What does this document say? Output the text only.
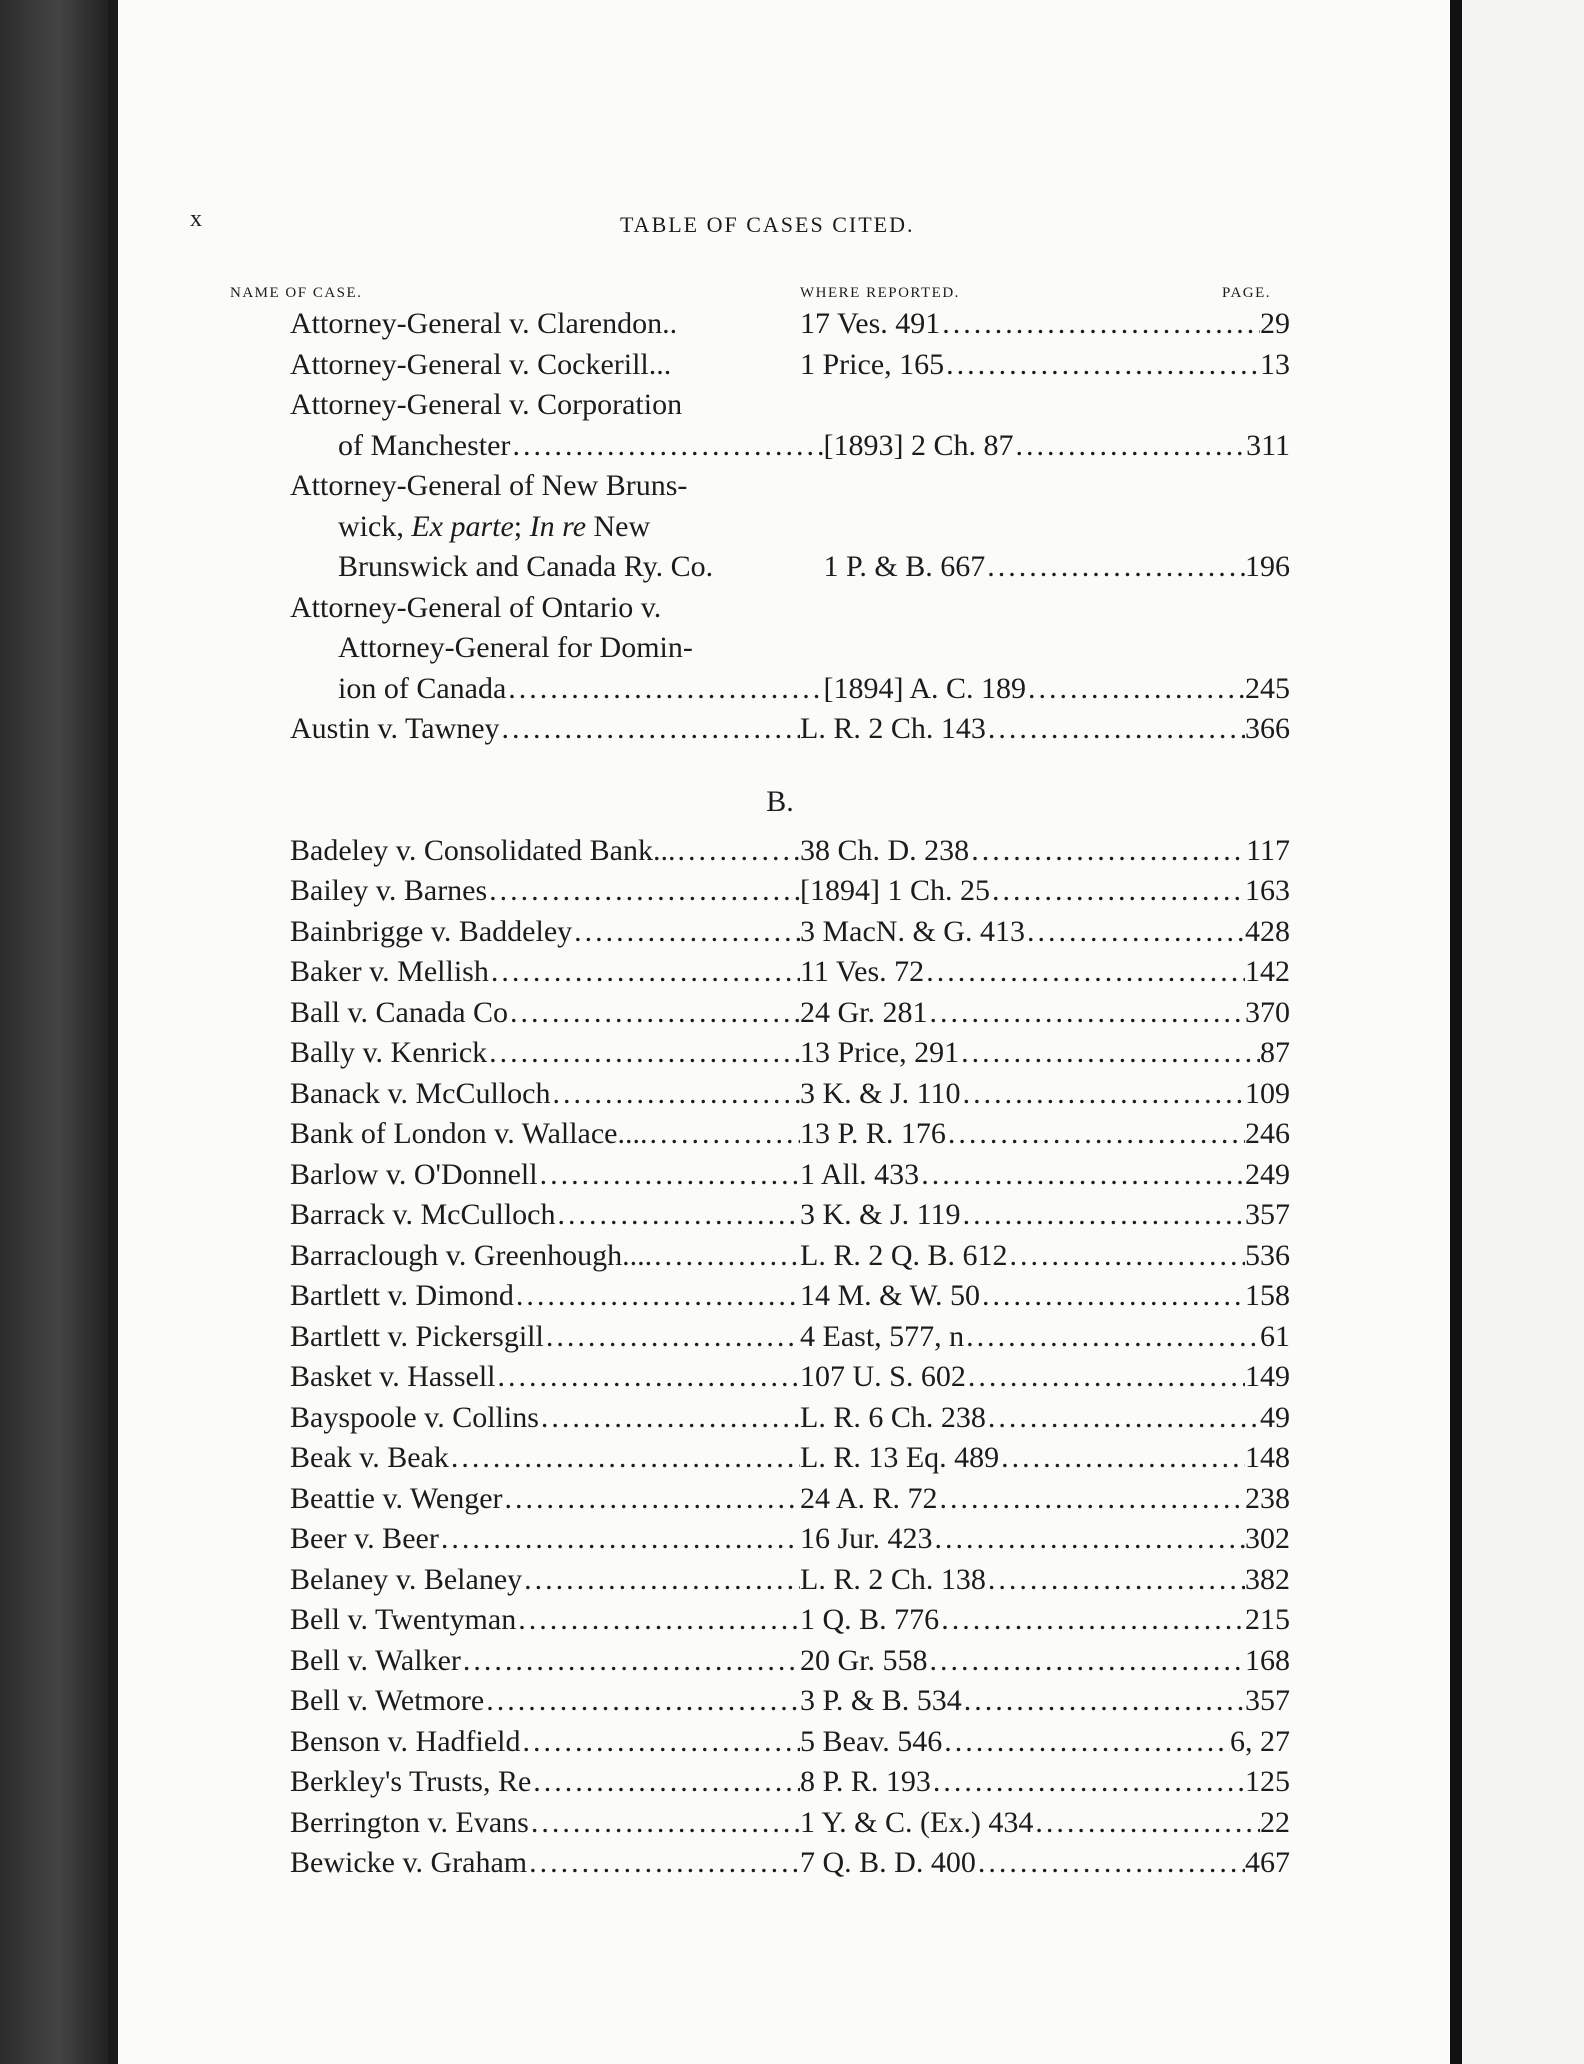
x	TABLE OF CASES CITED.
NAME OF CASE.	WHERE REPORTED.	PAGE.
Attorney-General v. Clarendon..	17 Ves. 491 .....	29
Attorney-General v. Cockerill...	1 Price, 165 .....	13
Attorney-General v. Corporation
of Manchester .....	[1893] 2 Ch. 87 .....	311
Attorney-General of New Bruns-
wick, Ex parte; In re New
Brunswick and Canada Ry. Co.	1 P. & B. 667 .....	196
Attorney-General of Ontario v.
Attorney-General for Domin-
ion of Canada .....	[1894] A. C. 189 .....	245
Austin v. Tawney .....	L. R. 2 Ch. 143 .....	366
B.
Badeley v. Consolidated Bank... .....	38 Ch. D. 238 .....	117
Bailey v. Barnes .....	[1894] 1 Ch. 25 .....	163
Bainbrigge v. Baddeley .....	3 MacN. & G. 413 .....	428
Baker v. Mellish .....	11 Ves. 72 .....	142
Ball v. Canada Co .....	24 Gr. 281 .....	370
Bally v. Kenrick .....	13 Price, 291 .....	87
Banack v. McCulloch .....	3 K. & J. 110 .....	109
Bank of London v. Wallace.... .....	13 P. R. 176 .....	246
Barlow v. O'Donnell .....	1 All. 433 .....	249
Barrack v. McCulloch .....	3 K. & J. 119 .....	357
Barraclough v. Greenhough.... .....	L. R. 2 Q. B. 612 .....	536
Bartlett v. Dimond .....	14 M. & W. 50 .....	158
Bartlett v. Pickersgill .....	4 East, 577, n .....	61
Basket v. Hassell .....	107 U. S. 602 .....	149
Bayspoole v. Collins .....	L. R. 6 Ch. 238 .....	49
Beak v. Beak .....	L. R. 13 Eq. 489 .....	148
Beattie v. Wenger .....	24 A. R. 72 .....	238
Beer v. Beer .....	16 Jur. 423 .....	302
Belaney v. Belaney .....	L. R. 2 Ch. 138 .....	382
Bell v. Twentyman .....	1 Q. B. 776 .....	215
Bell v. Walker .....	20 Gr. 558 .....	168
Bell v. Wetmore .....	3 P. & B. 534 .....	357
Benson v. Hadfield .....	5 Beav. 546 .....	6, 27
Berkley's Trusts, Re .....	8 P. R. 193 .....	125
Berrington v. Evans .....	1 Y. & C. (Ex.) 434 .....	22
Bewicke v. Graham .....	7 Q. B. D. 400 .....	467
